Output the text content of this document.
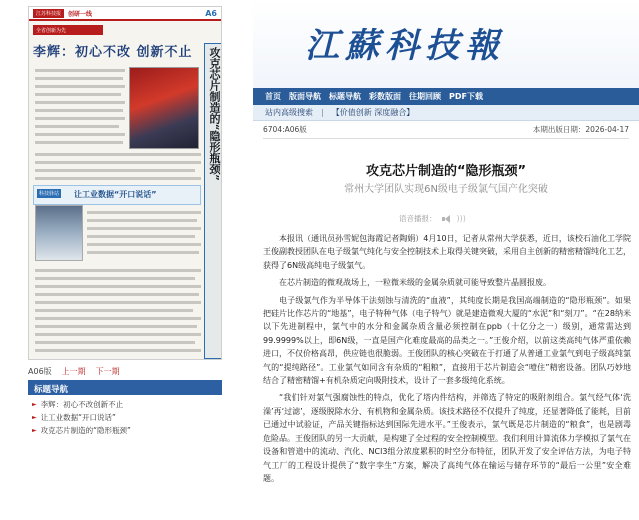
江苏科技报	创研一线	A6
全省创新为先
李辉：初心不改 创新不止	攻克芯片制造的“隐形瓶颈”
科技驿站 让工业数据“开口说话”
A06版 上一期 下一期
标题导航
► 李辉：初心不改创新不止
► 让工业数据“开口说话”
► 攻克芯片制造的“隐形瓶颈”
江蘇科技報
首页 版面导航 标题导航 彩数版面 往期回顾 PDF下载
站内高级搜索 | 【价值创新 深度融合】
6704:A06版	本期出版日期：2026-04-17
攻克芯片制造的“隐形瓶颈”
常州大学团队实现6N级电子级氯气国产化突破
语音播报：	)))

本报讯（通讯员孙雪妮包海霞记者陶娟）4月10日，记者从常州大学获悉，近日，该校石油化工学院王俊副教授团队在电子级氯气纯化与安全控制技术上取得关键突破，采用自主创新的精密精馏纯化工艺，获得了6N级高纯电子级氯气。

在芯片制造的微观战场上，一粒微米级的金属杂质就可能导致整片晶圆报废。

电子级氯气作为半导体干法刻蚀与清洗的“血液”，其纯度长期是我国高端制造的“隐形瓶颈”。如果把硅片比作芯片的“地基”，电子特种气体（电子特气）就是建造微观大厦的“水泥”和“刻刀”。“在28纳米以下先进制程中，氯气中的水分和金属杂质含量必须控制在ppb（十亿分之一）级别，通常需达到99.9999%以上，即6N级，一直是国产化难度最高的品类之一。”王俊介绍，以前这类高纯气体严重依赖进口，不仅价格高昂，供应链也很脆弱。王俊团队的核心突破在于打通了从普通工业氯气到电子级高纯氯气的“提纯路径”。工业氯气如同含有杂质的“粗粮”，直接用于芯片制造会“噎住”精密设备。团队巧妙地结合了精密精馏+有机杂质定向吸附技术，设计了一套多级纯化系统。

“我们针对氯气强腐蚀性的特点，优化了塔内件结构，并筛选了特定的吸附剂组合。氯气经气体‘洗澡’再‘过滤’，逐级脱除水分、有机物和金属杂质。该技术路径不仅提升了纯度，还显著降低了能耗，目前已通过中试验证，产品关键指标达到国际先进水平。”王俊表示，氯气既是芯片制造的“粮食”，也是剧毒危险品。王俊团队的另一大贡献，是构建了全过程的安全控制模型。我们利用计算流体力学模拟了氯气在设备和管道中的流动、汽化、NCl3组分浓度累积的时空分布特征，团队开发了安全评估方法，为电子特气工厂的工程设计提供了“数字孪生”方案，解决了高纯气体在输运与储存环节的“最后一公里”安全难题。
